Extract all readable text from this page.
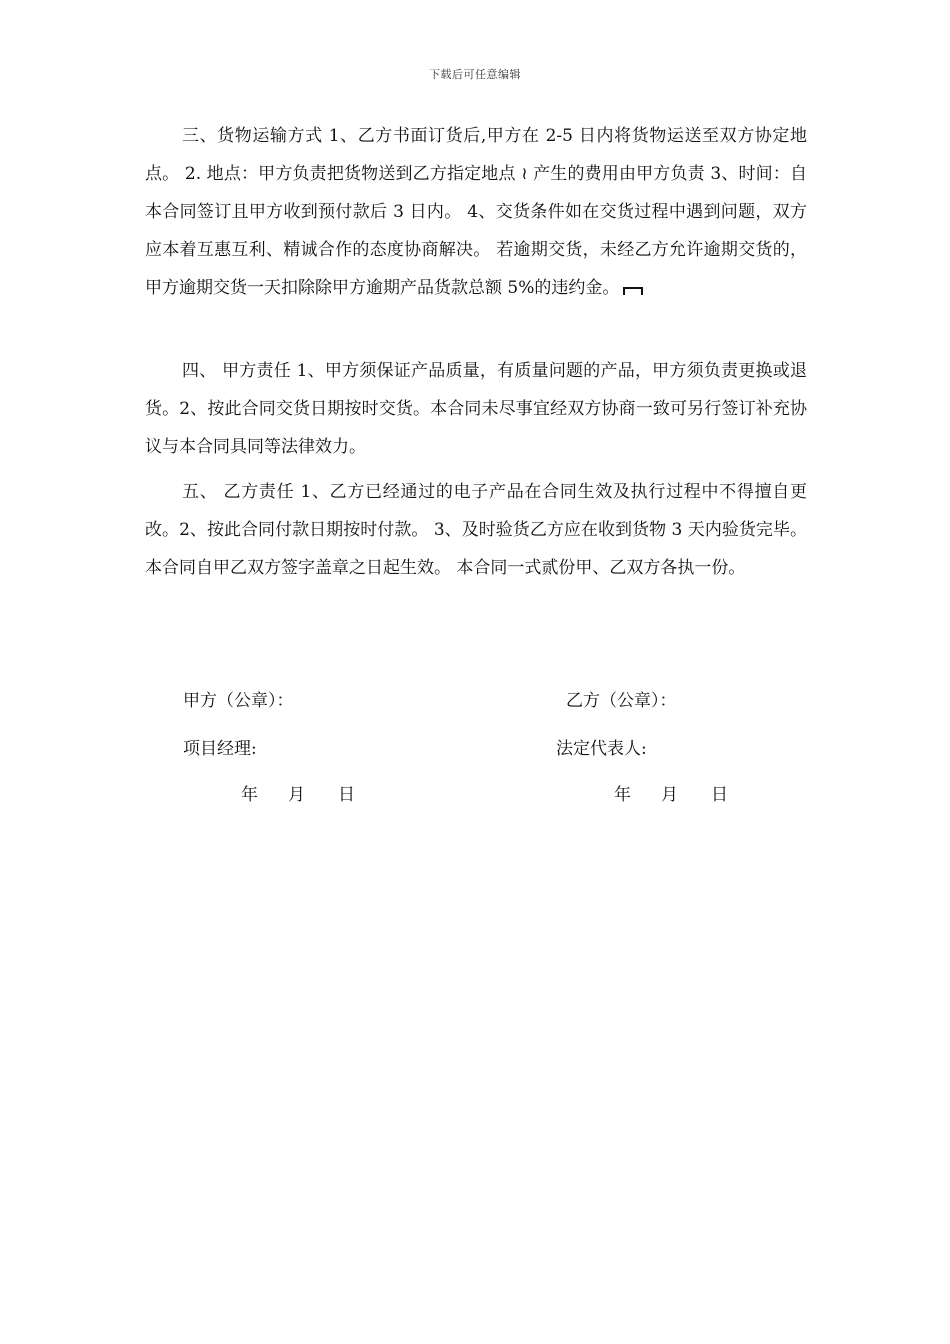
下载后可任意编辑

三、货物运输方式 1、乙方书面订货后,甲方在 2-5 日内将货物运送至双方协定地点。 2. 地点：甲方负责把货物送到乙方指定地点 ≀ 产生的费用由甲方负责 3、时间：自本合同签订且甲方收到预付款后 3 日内。 4、交货条件如在交货过程中遇到问题，双方应本着互惠互利、精诚合作的态度协商解决。 若逾期交货，未经乙方允许逾期交货的，甲方逾期交货一天扣除除甲方逾期产品货款总额 5%的违约金。

四、 甲方责任 1、甲方须保证产品质量，有质量问题的产品，甲方须负责更换或退货。2、按此合同交货日期按时交货。本合同未尽事宜经双方协商一致可另行签订补充协议与本合同具同等法律效力。

五、 乙方责任 1、乙方已经通过的电子产品在合同生效及执行过程中不得擅自更改。2、按此合同付款日期按时付款。 3、及时验货乙方应在收到货物 3 天内验货完毕。本合同自甲乙双方签字盖章之日起生效。 本合同一式贰份甲、乙双方各执一份。

甲方（公章）：	乙方（公章）：
项目经理:	法定代表人:
年 月 日	年 月 日
